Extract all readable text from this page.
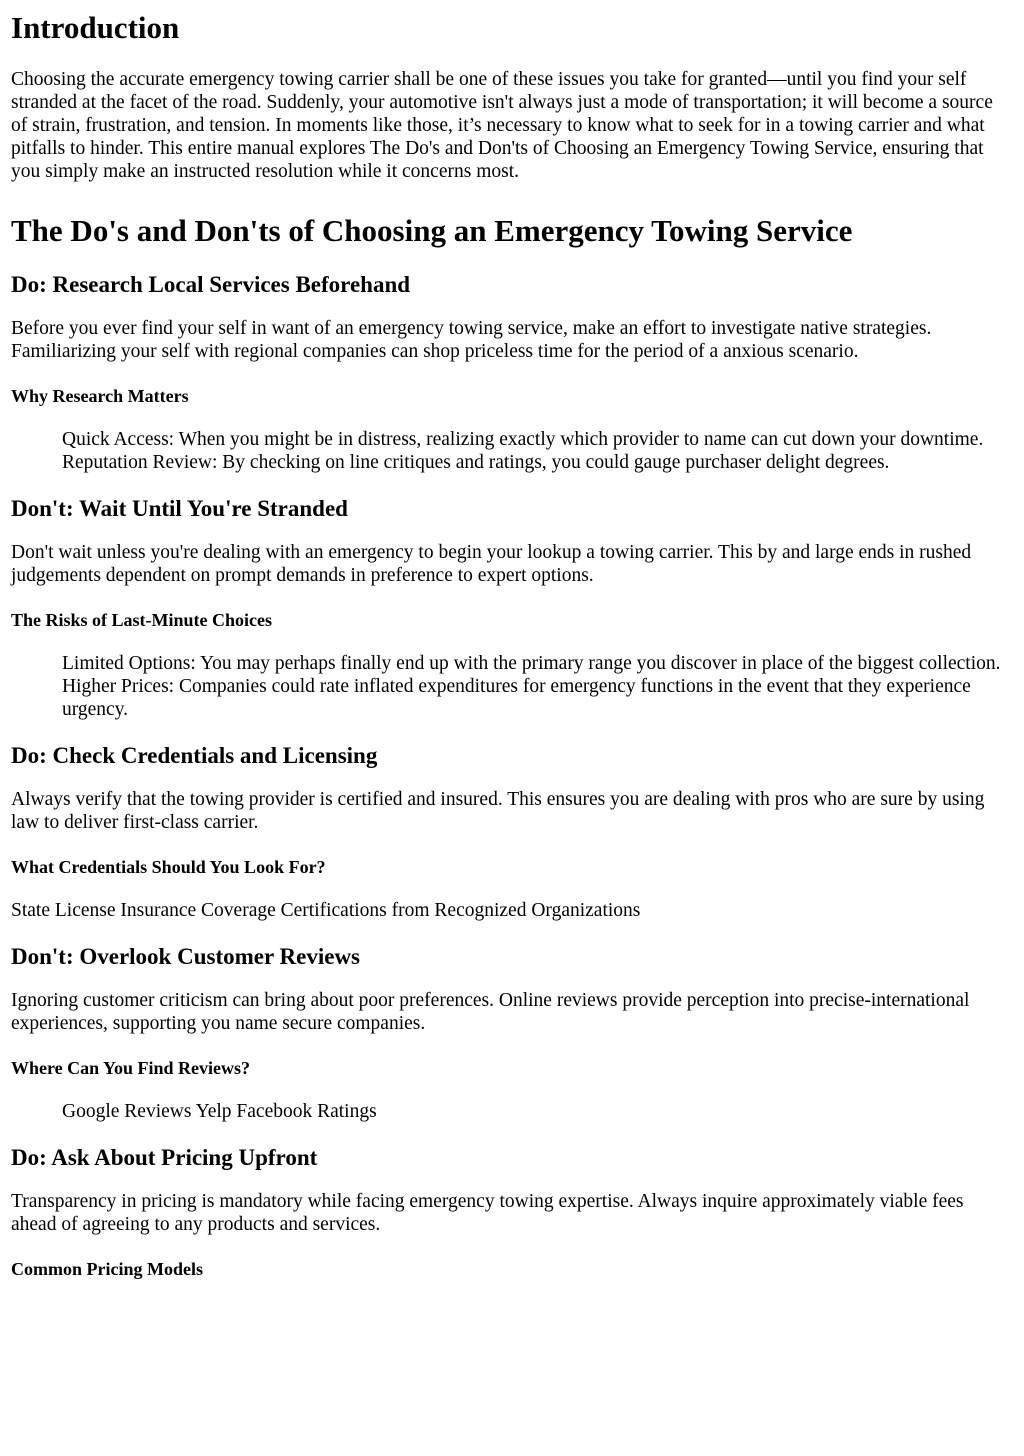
Introduction

Choosing the accurate emergency towing carrier shall be one of these issues you take for granted—until you find your self stranded at the facet of the road. Suddenly, your automotive isn't always just a mode of transportation; it will become a source of strain, frustration, and tension. In moments like those, it’s necessary to know what to seek for in a towing carrier and what pitfalls to hinder. This entire manual explores The Do's and Don'ts of Choosing an Emergency Towing Service, ensuring that you simply make an instructed resolution while it concerns most.

The Do's and Don'ts of Choosing an Emergency Towing Service
Do: Research Local Services Beforehand

Before you ever find your self in want of an emergency towing service, make an effort to investigate native strategies. Familiarizing your self with regional companies can shop priceless time for the period of a anxious scenario.

Why Research Matters
Quick Access: When you might be in distress, realizing exactly which provider to name can cut down your downtime. Reputation Review: By checking on line critiques and ratings, you could gauge purchaser delight degrees.
Don't: Wait Until You're Stranded

Don't wait unless you're dealing with an emergency to begin your lookup a towing carrier. This by and large ends in rushed judgements dependent on prompt demands in preference to expert options.

The Risks of Last-Minute Choices
Limited Options: You may perhaps finally end up with the primary range you discover in place of the biggest collection. Higher Prices: Companies could rate inflated expenditures for emergency functions in the event that they experience urgency.
Do: Check Credentials and Licensing

Always verify that the towing provider is certified and insured. This ensures you are dealing with pros who are sure by using law to deliver first-class carrier.

What Credentials Should You Look For?

State License Insurance Coverage Certifications from Recognized Organizations

Don't: Overlook Customer Reviews

Ignoring customer criticism can bring about poor preferences. Online reviews provide perception into precise-international experiences, supporting you name secure companies.

Where Can You Find Reviews?
Google Reviews Yelp Facebook Ratings
Do: Ask About Pricing Upfront

Transparency in pricing is mandatory while facing emergency towing expertise. Always inquire approximately viable fees ahead of agreeing to any products and services.

Common Pricing Models
